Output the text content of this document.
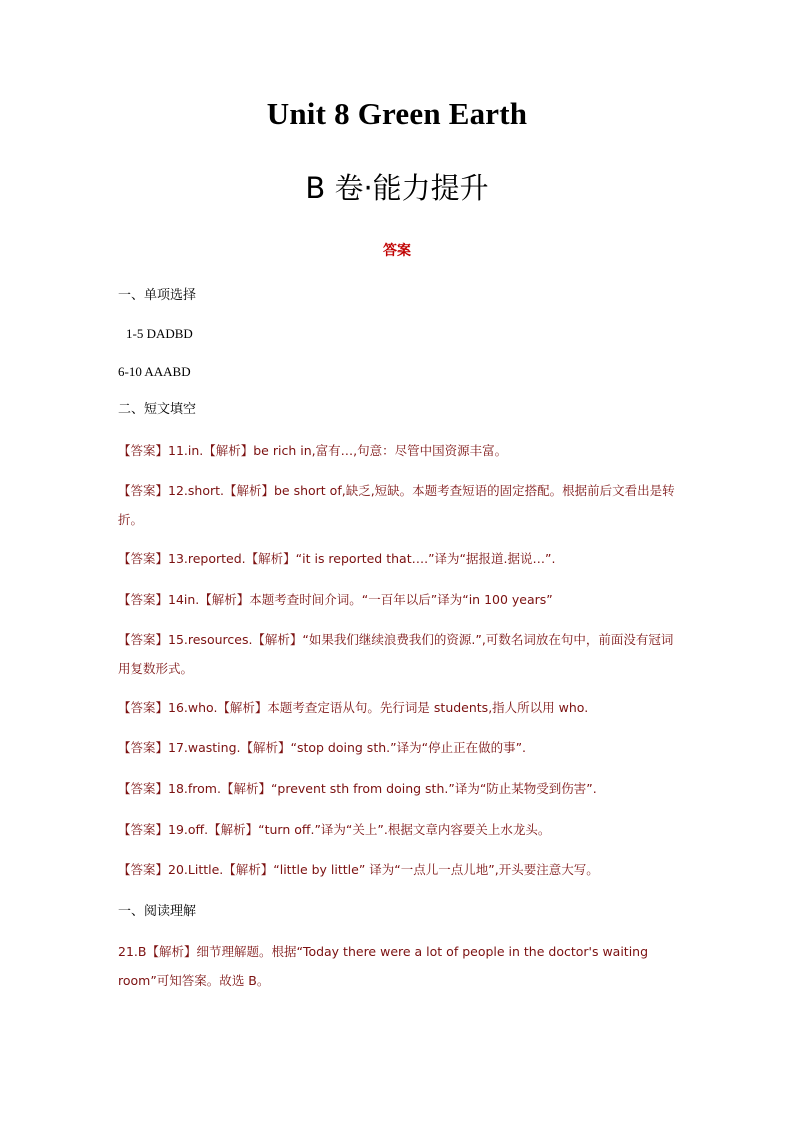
Unit 8 Green Earth
B 卷·能力提升
答案
一、单项选择
1-5 DADBD
6-10 AAABD
二、短文填空
【答案】11.in.【解析】be rich in,富有…,句意：尽管中国资源丰富。
【答案】12.short.【解析】be short of,缺乏,短缺。本题考查短语的固定搭配。根据前后文看出是转折。
【答案】13.reported.【解析】“it is reported that….”译为“据报道.据说…”.
【答案】14in.【解析】本题考查时间介词。“一百年以后”译为“in 100 years”
【答案】15.resources.【解析】“如果我们继续浪费我们的资源.”,可数名词放在句中，前面没有冠词用复数形式。
【答案】16.who.【解析】本题考查定语从句。先行词是 students,指人所以用 who.
【答案】17.wasting.【解析】“stop doing sth.”译为“停止正在做的事”.
【答案】18.from.【解析】“prevent sth from doing sth.”译为“防止某物受到伤害”.
【答案】19.off.【解析】“turn off.”译为“关上”.根据文章内容要关上水龙头。
【答案】20.Little.【解析】“little by little” 译为“一点儿一点儿地”,开头要注意大写。
一、阅读理解
21.B【解析】细节理解题。根据“Today there were a lot of people in the doctor's waiting room”可知答案。故选 B。
